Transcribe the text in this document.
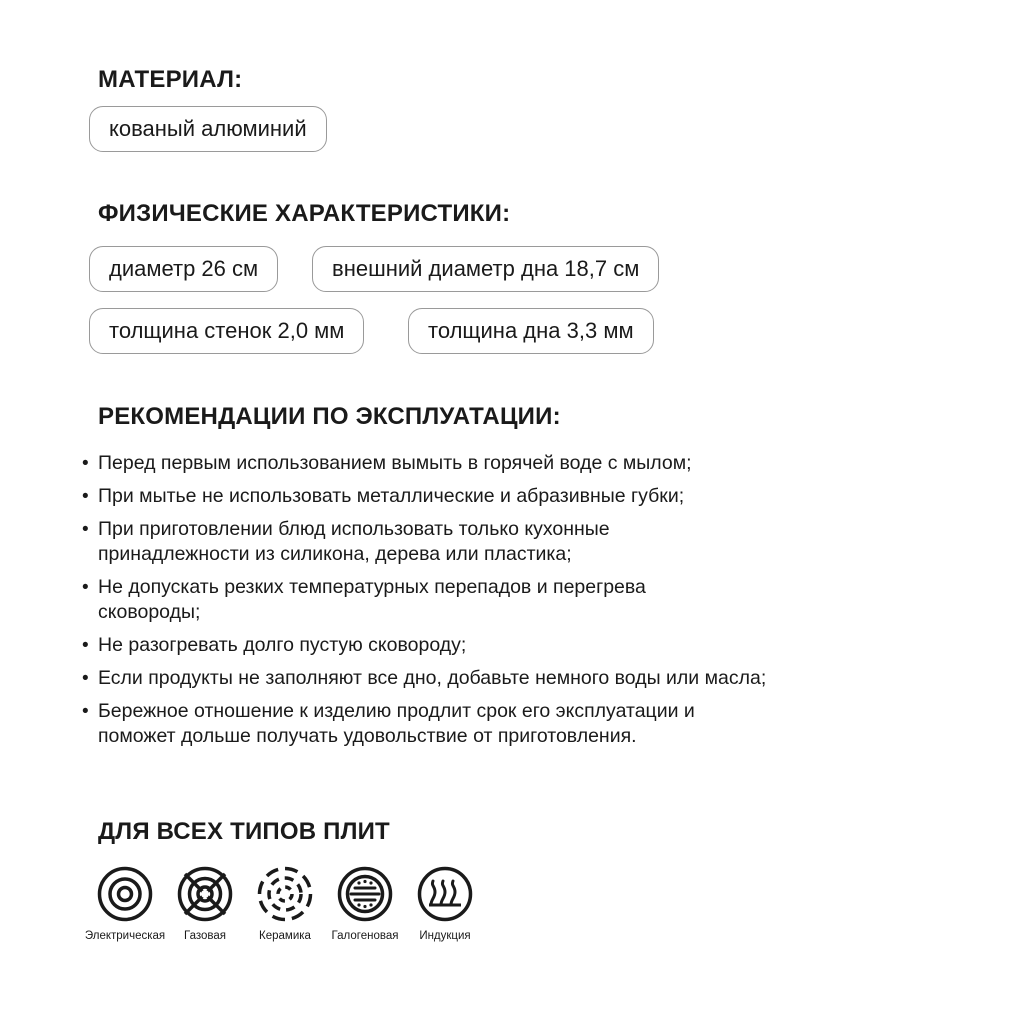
МАТЕРИАЛ:
кованый алюминий
ФИЗИЧЕСКИЕ ХАРАКТЕРИСТИКИ:
диаметр 26 см	внешний диаметр дна 18,7 см
толщина стенок 2,0 мм	толщина дна 3,3 мм
РЕКОМЕНДАЦИИ ПО ЭКСПЛУАТАЦИИ:
• Перед первым использованием вымыть в горячей воде с мылом;
• При мытье не использовать металлические и абразивные губки;
• При приготовлении блюд использовать только кухонные принадлежности из силикона, дерева или пластика;
• Не допускать резких температурных перепадов и перегрева сковороды;
• Не разогревать долго пустую сковороду;
• Если продукты не заполняют все дно, добавьте немного воды или масла;
• Бережное отношение к изделию продлит срок его эксплуатации и поможет дольше получать удовольствие от приготовления.
ДЛЯ ВСЕХ ТИПОВ ПЛИТ
Электрическая	Газовая	Керамика	Галогеновая	Индукция
